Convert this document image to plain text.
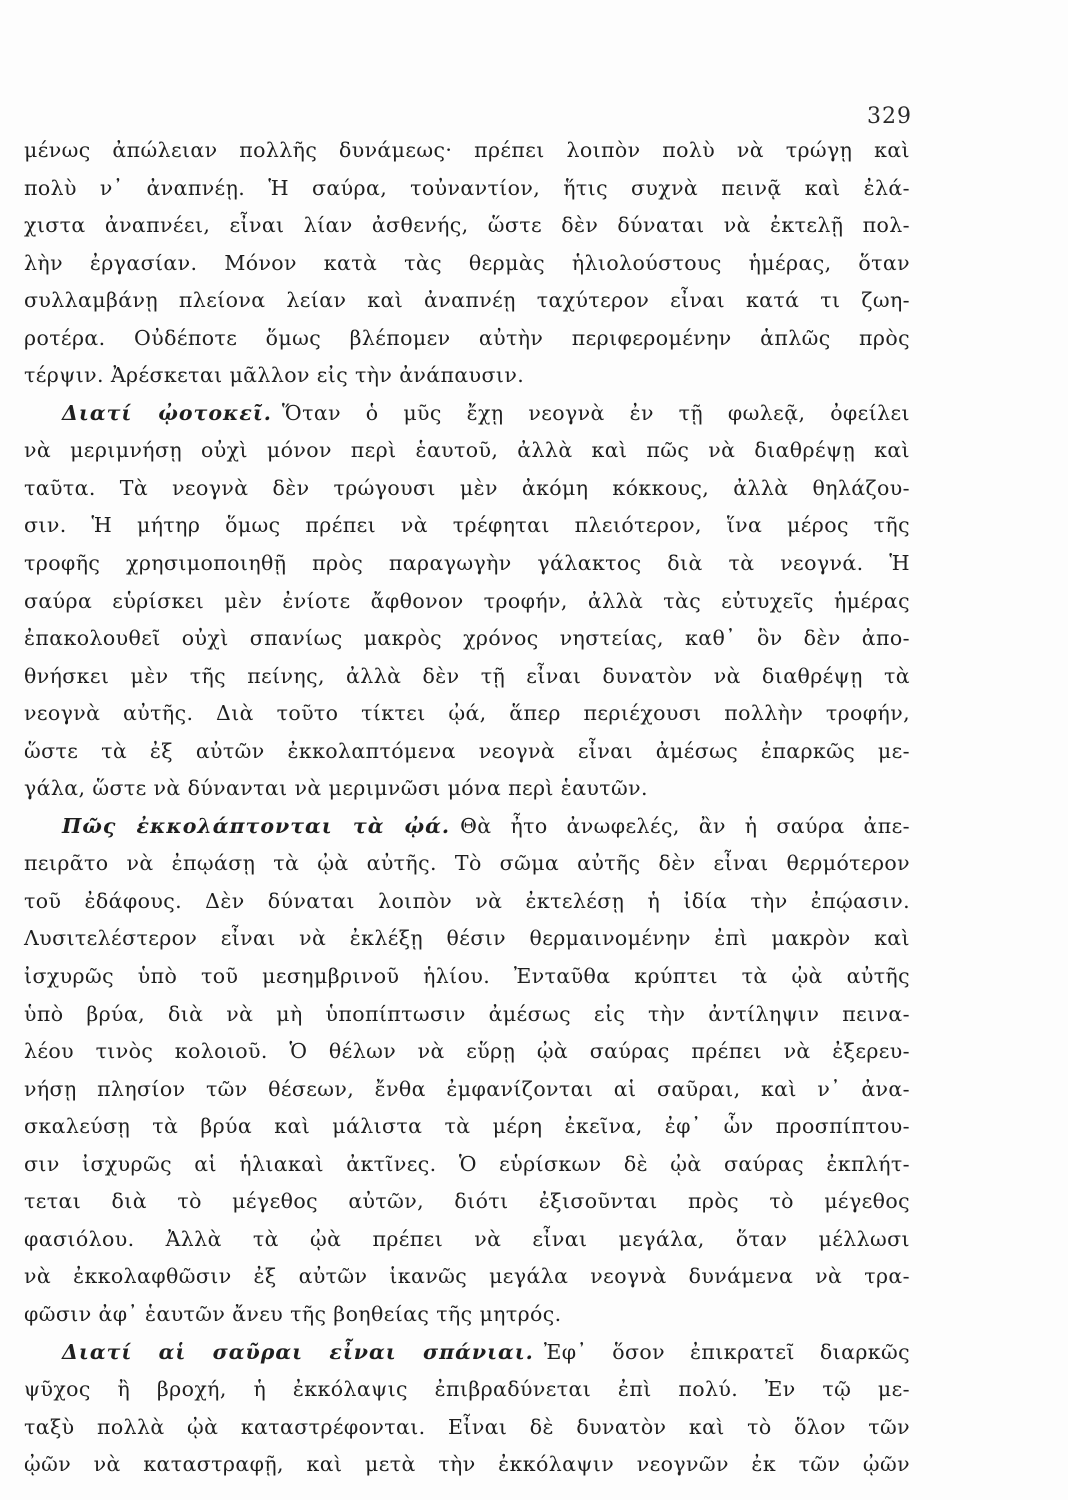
329
μένως ἀπώλειαν πολλῆς δυνάμεως· πρέπει λοιπὸν πολὺ νὰ τρώγῃ καὶ
πολὺ ν᾽ ἀναπνέῃ. Ἡ σαύρα, τοὐναντίον, ἥτις συχνὰ πεινᾷ καὶ ἐλά-
χιστα ἀναπνέει, εἶναι λίαν ἀσθενής, ὥστε δὲν δύναται νὰ ἐκτελῇ πολ-
λὴν ἐργασίαν. Μόνον κατὰ τὰς θερμὰς ἡλιολούστους ἡμέρας, ὅταν
συλλαμβάνῃ πλείονα λείαν καὶ ἀναπνέῃ ταχύτερον εἶναι κατά τι ζωη-
ροτέρα. Οὐδέποτε ὅμως βλέπομεν αὐτὴν περιφερομένην ἁπλῶς πρὸς
τέρψιν. Ἀρέσκεται μᾶλλον εἰς τὴν ἀνάπαυσιν.
Διατί ᾠοτοκεῖ. Ὅταν ὁ μῦς ἔχῃ νεογνὰ ἐν τῇ φωλεᾷ, ὀφείλει
νὰ μεριμνήσῃ οὐχὶ μόνον περὶ ἑαυτοῦ, ἀλλὰ καὶ πῶς νὰ διαθρέψῃ καὶ
ταῦτα. Τὰ νεογνὰ δὲν τρώγουσι μὲν ἀκόμη κόκκους, ἀλλὰ θηλάζου-
σιν. Ἡ μήτηρ ὅμως πρέπει νὰ τρέφηται πλειότερον, ἵνα μέρος τῆς
τροφῆς χρησιμοποιηθῇ πρὸς παραγωγὴν γάλακτος διὰ τὰ νεογνά. Ἡ
σαύρα εὑρίσκει μὲν ἐνίοτε ἄφθονον τροφήν, ἀλλὰ τὰς εὐτυχεῖς ἡμέρας
ἐπακολουθεῖ οὐχὶ σπανίως μακρὸς χρόνος νηστείας, καθ᾽ ὃν δὲν ἀπο-
θνήσκει μὲν τῆς πείνης, ἀλλὰ δὲν τῇ εἶναι δυνατὸν νὰ διαθρέψῃ τὰ
νεογνὰ αὐτῆς. Διὰ τοῦτο τίκτει ᾠά, ἅπερ περιέχουσι πολλὴν τροφήν,
ὥστε τὰ ἐξ αὐτῶν ἐκκολαπτόμενα νεογνὰ εἶναι ἀμέσως ἐπαρκῶς με-
γάλα, ὥστε νὰ δύνανται νὰ μεριμνῶσι μόνα περὶ ἑαυτῶν.
Πῶς ἐκκολάπτονται τὰ ᾠά. Θὰ ἦτο ἀνωφελές, ἂν ἡ σαύρα ἀπε-
πειρᾶτο νὰ ἐπῳάσῃ τὰ ᾠὰ αὐτῆς. Τὸ σῶμα αὐτῆς δὲν εἶναι θερμότερον
τοῦ ἐδάφους. Δὲν δύναται λοιπὸν νὰ ἐκτελέσῃ ἡ ἰδία τὴν ἐπῴασιν.
Λυσιτελέστερον εἶναι νὰ ἐκλέξῃ θέσιν θερμαινομένην ἐπὶ μακρὸν καὶ
ἰσχυρῶς ὑπὸ τοῦ μεσημβρινοῦ ἡλίου. Ἐνταῦθα κρύπτει τὰ ᾠὰ αὐτῆς
ὑπὸ βρύα, διὰ νὰ μὴ ὑποπίπτωσιν ἀμέσως εἰς τὴν ἀντίληψιν πεινα-
λέου τινὸς κολοιοῦ. Ὁ θέλων νὰ εὕρῃ ᾠὰ σαύρας πρέπει νὰ ἐξερευ-
νήσῃ πλησίον τῶν θέσεων, ἔνθα ἐμφανίζονται αἱ σαῦραι, καὶ ν᾽ ἀνα-
σκαλεύσῃ τὰ βρύα καὶ μάλιστα τὰ μέρη ἐκεῖνα, ἐφ᾽ ὧν προσπίπτου-
σιν ἰσχυρῶς αἱ ἡλιακαὶ ἀκτῖνες. Ὁ εὑρίσκων δὲ ᾠὰ σαύρας ἐκπλήτ-
τεται διὰ τὸ μέγεθος αὐτῶν, διότι ἐξισοῦνται πρὸς τὸ μέγεθος
φασιόλου. Ἀλλὰ τὰ ᾠὰ πρέπει νὰ εἶναι μεγάλα, ὅταν μέλλωσι
νὰ ἐκκολαφθῶσιν ἐξ αὐτῶν ἱκανῶς μεγάλα νεογνὰ δυνάμενα νὰ τρα-
φῶσιν ἀφ᾽ ἑαυτῶν ἄνευ τῆς βοηθείας τῆς μητρός.
Διατί αἱ σαῦραι εἶναι σπάνιαι. Ἐφ᾽ ὅσον ἐπικρατεῖ διαρκῶς
ψῦχος ἢ βροχή, ἡ ἐκκόλαψις ἐπιβραδύνεται ἐπὶ πολύ. Ἐν τῷ με-
ταξὺ πολλὰ ᾠὰ καταστρέφονται. Εἶναι δὲ δυνατὸν καὶ τὸ ὅλον τῶν
ᾠῶν νὰ καταστραφῇ, καὶ μετὰ τὴν ἐκκόλαψιν νεογνῶν ἐκ τῶν ᾠῶν
